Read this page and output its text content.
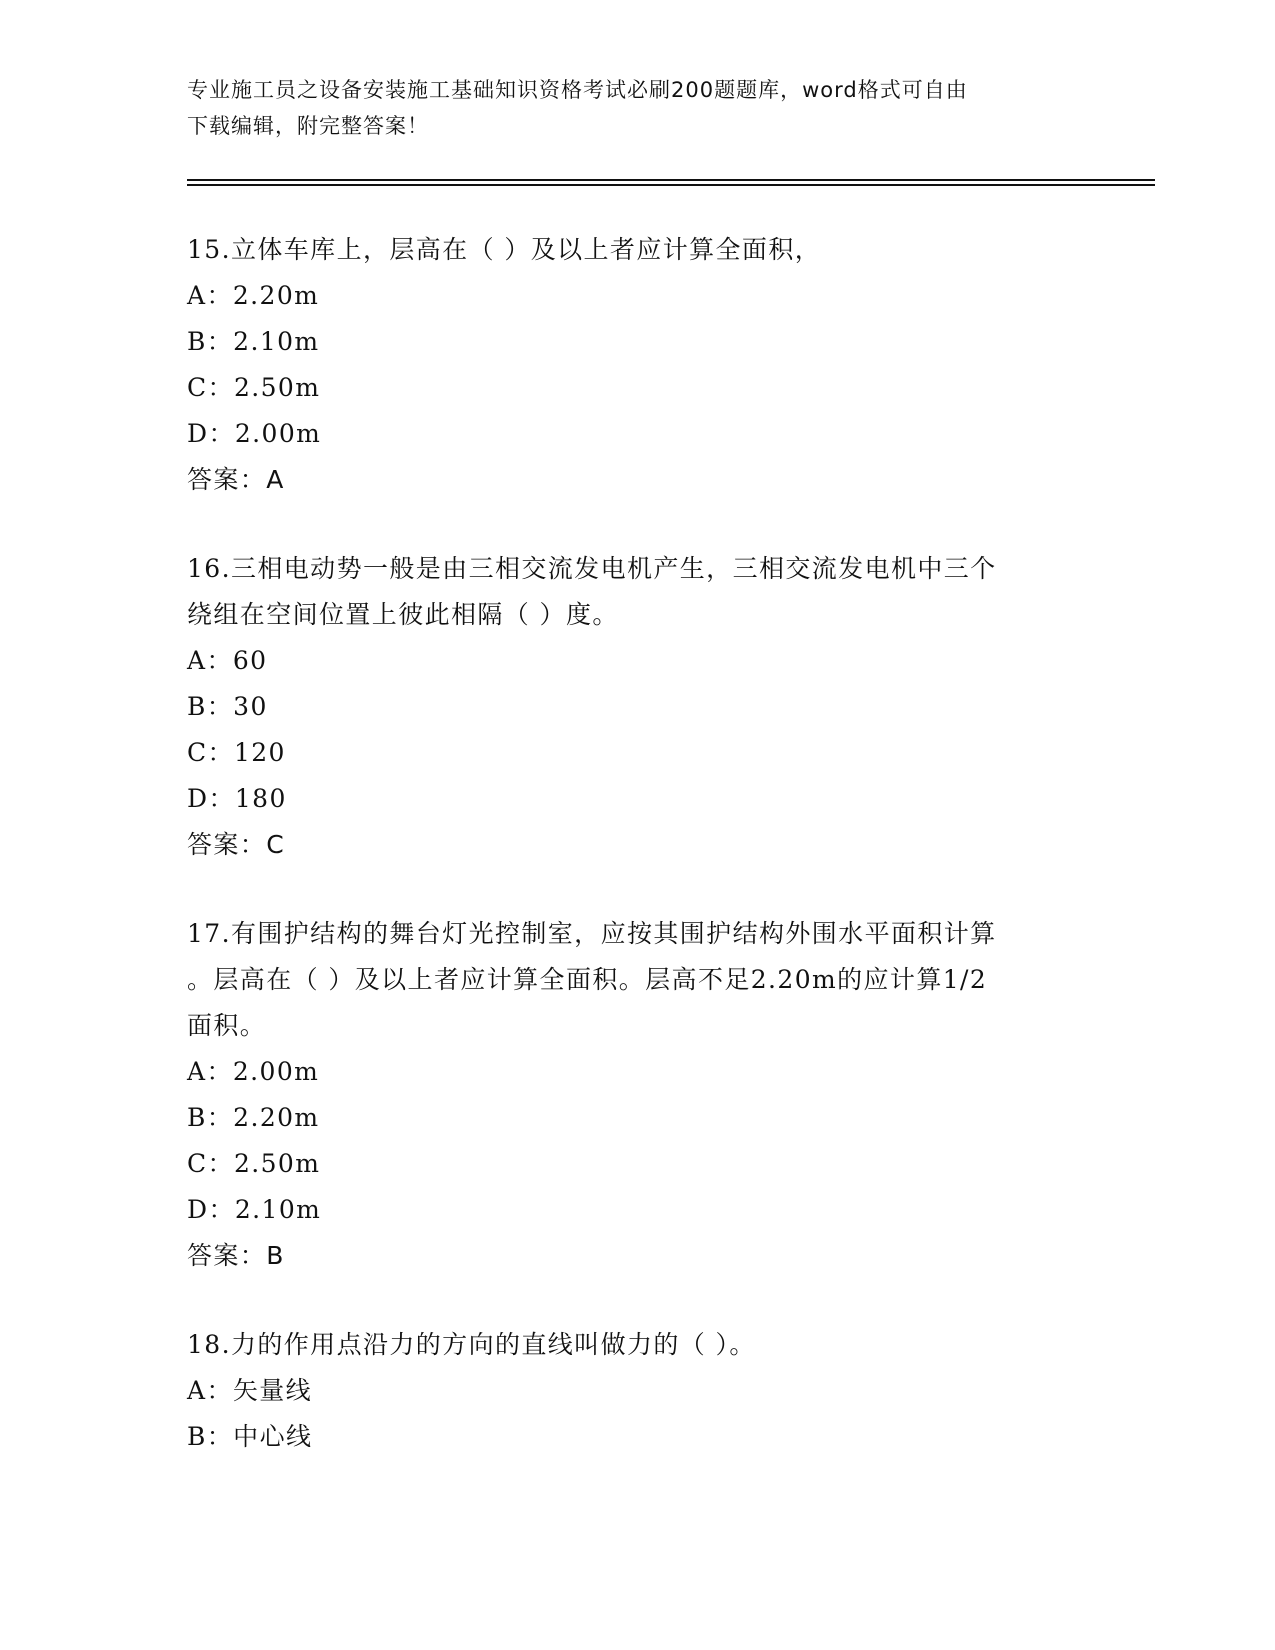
专业施工员之设备安装施工基础知识资格考试必刷200题题库，word格式可自由
下载编辑，附完整答案！
15.立体车库上，层高在（ ）及以上者应计算全面积，
A：2.20m
B：2.10m
C：2.50m
D：2.00m
答案：A
16.三相电动势一般是由三相交流发电机产生，三相交流发电机中三个
绕组在空间位置上彼此相隔（ ）度。
A：60
B：30
C：120
D：180
答案：C
17.有围护结构的舞台灯光控制室，应按其围护结构外围水平面积计算
。层高在（ ）及以上者应计算全面积。层高不足2.20m的应计算1/2
面积。
A：2.00m
B：2.20m
C：2.50m
D：2.10m
答案：B
18.力的作用点沿力的方向的直线叫做力的（ ）。
A：矢量线
B：中心线
